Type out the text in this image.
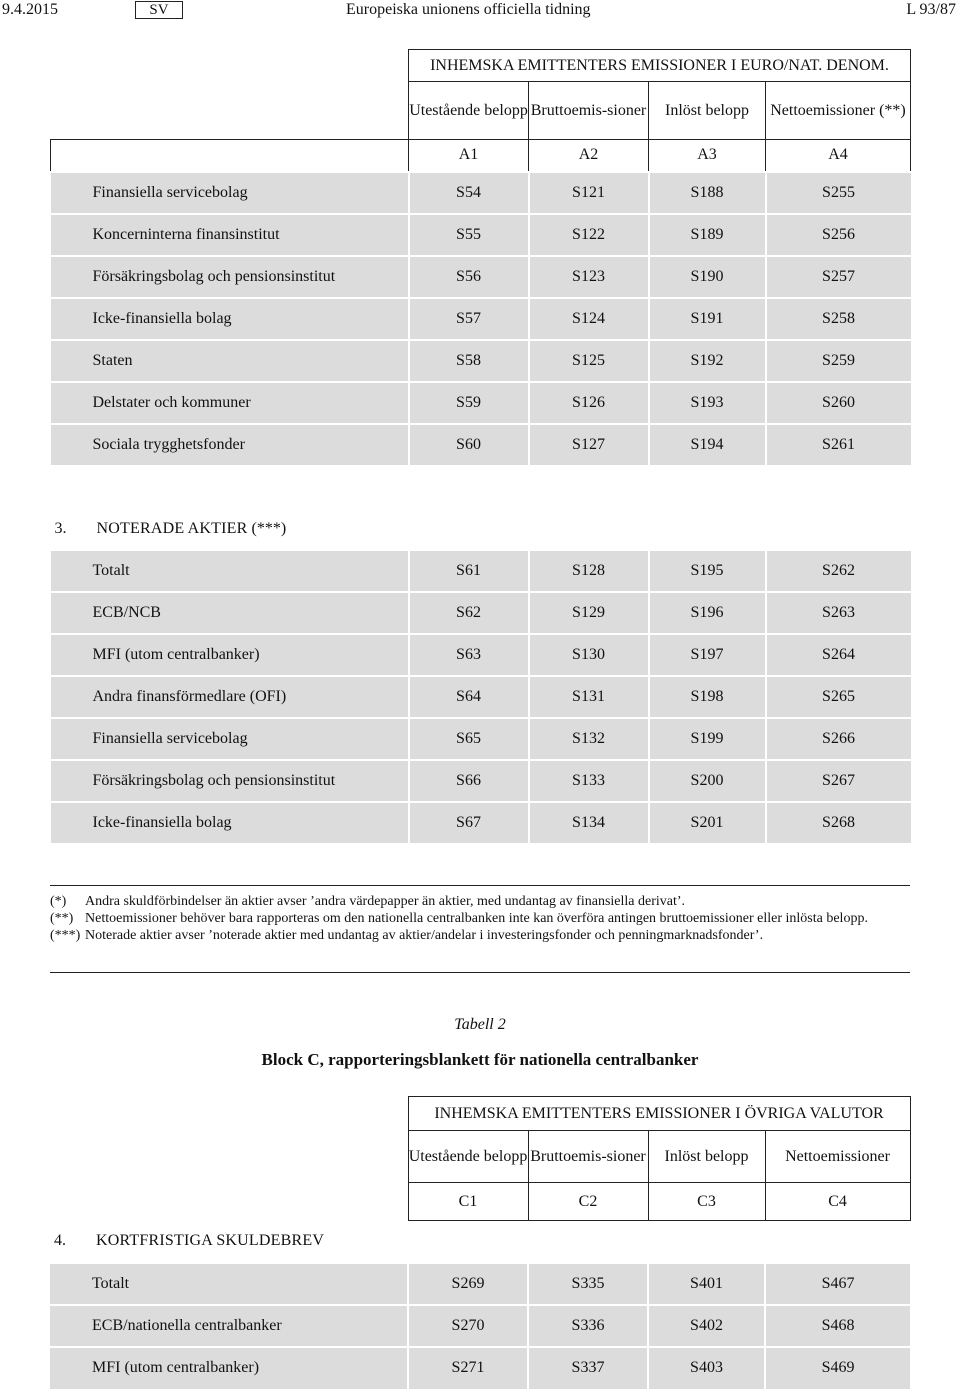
9.4.2015	SV	Europeiska unionens officiella tidning	L 93/87
	INHEMSKA EMITTENTERS EMISSIONER I EURO/NAT. DENOM.			
	Utestående belopp	Bruttoemis-sioner	Inlöst belopp	Nettoemissioner (**)
	A1	A2	A3	A4
Finansiella servicebolag	S54	S121	S188	S255
Koncerninterna finansinstitut	S55	S122	S189	S256
Försäkringsbolag och pensionsinstitut	S56	S123	S190	S257
Icke-finansiella bolag	S57	S124	S191	S258
Staten	S58	S125	S192	S259
Delstater och kommuner	S59	S126	S193	S260
Sociala trygghetsfonder	S60	S127	S194	S261

3. NOTERADE AKTIER (***)				
Totalt	S61	S128	S195	S262
ECB/NCB	S62	S129	S196	S263
MFI (utom centralbanker)	S63	S130	S197	S264
Andra finansförmedlare (OFI)	S64	S131	S198	S265
Finansiella servicebolag	S65	S132	S199	S266
Försäkringsbolag och pensionsinstitut	S66	S133	S200	S267
Icke-finansiella bolag	S67	S134	S201	S268

(*) Andra skuldförbindelser än aktier avser ’andra värdepapper än aktier, med undantag av finansiella derivat’.
(**) Nettoemissioner behöver bara rapporteras om den nationella centralbanken inte kan överföra antingen bruttoemissioner eller inlösta belopp.
(***) Noterade aktier avser ’noterade aktier med undantag av aktier/andelar i investeringsfonder och penningmarknadsfonder’.
Tabell 2
Block C, rapporteringsblankett för nationella centralbanker
	INHEMSKA EMITTENTERS EMISSIONER I ÖVRIGA VALUTOR			
	Utestående belopp	Bruttoemis-sioner	Inlöst belopp	Nettoemissioner
	C1	C2	C3	C4
4. KORTFRISTIGA SKULDEBREV				
Totalt	S269	S335	S401	S467
ECB/nationella centralbanker	S270	S336	S402	S468
MFI (utom centralbanker)	S271	S337	S403	S469
